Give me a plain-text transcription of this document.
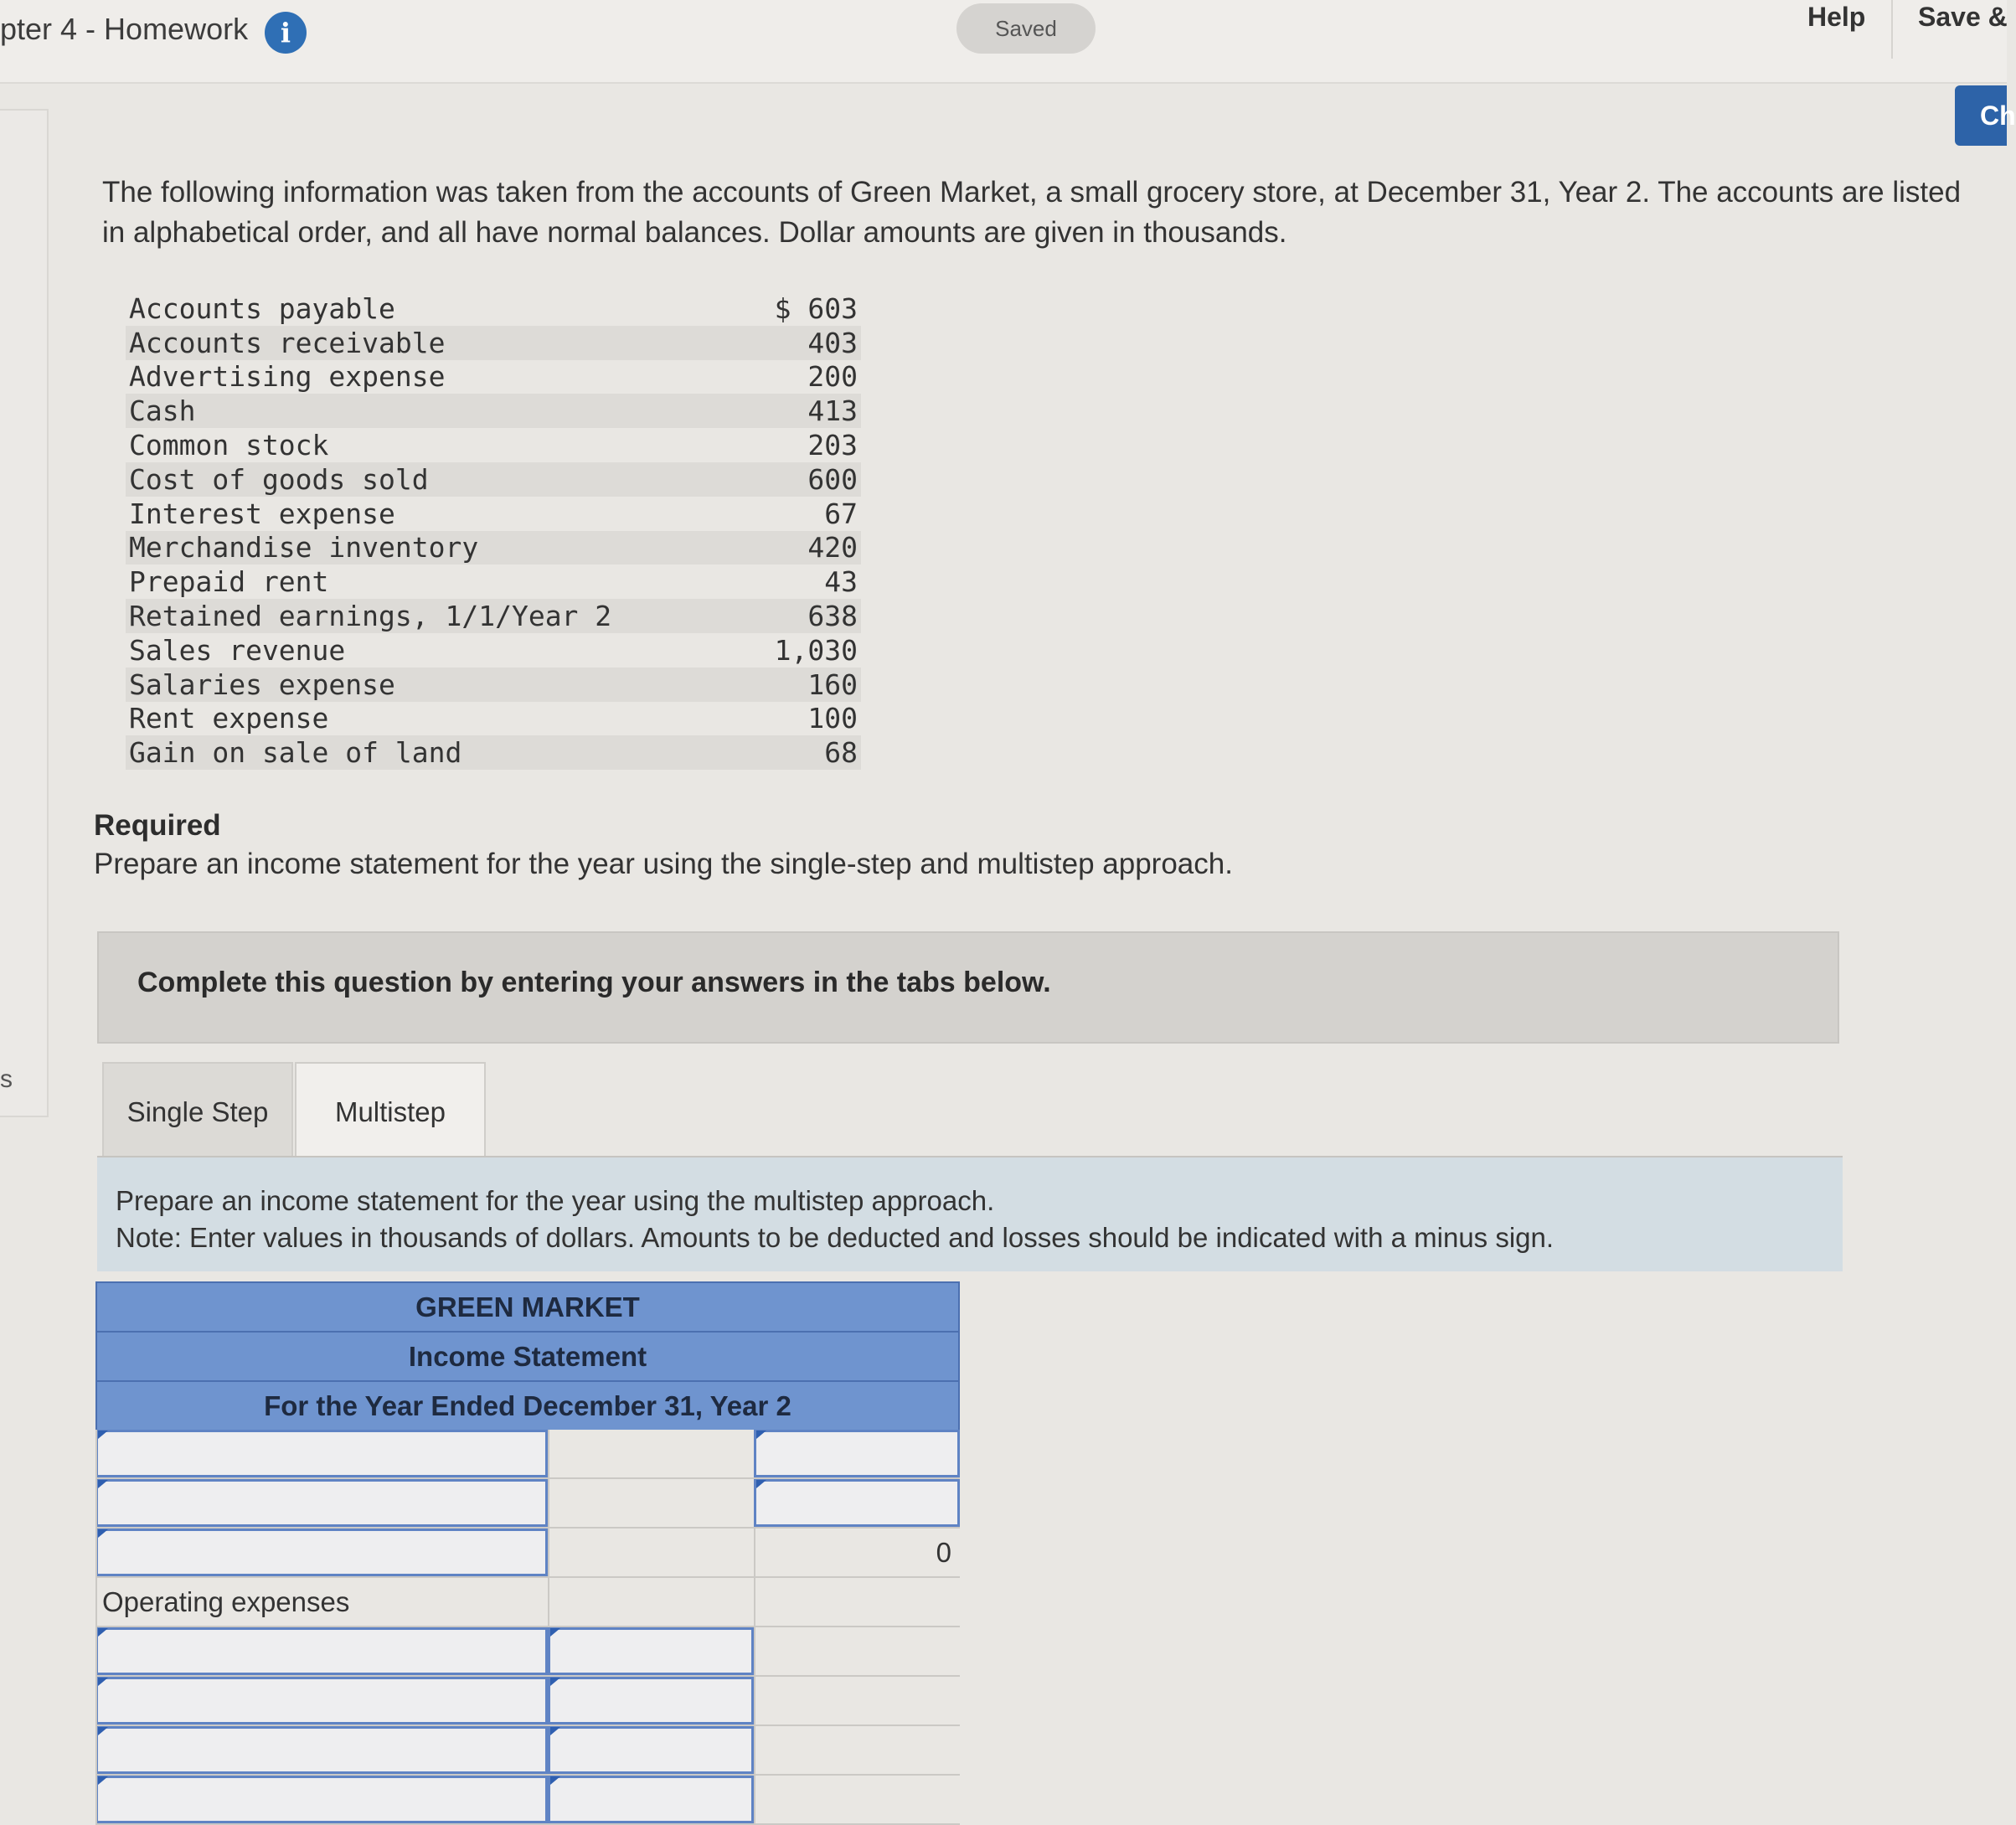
pter 4 - Homework	i	Saved	Help Save &
Ch
s
The following information was taken from the accounts of Green Market, a small grocery store, at December 31, Year 2. The accounts are listed in alphabetical order, and all have normal balances. Dollar amounts are given in thousands.
Accounts payable	$ 603
Accounts receivable	403
Advertising expense	200
Cash	413
Common stock	203
Cost of goods sold	600
Interest expense	67
Merchandise inventory	420
Prepaid rent	43
Retained earnings, 1/1/Year 2	638
Sales revenue	1,030
Salaries expense	160
Rent expense	100
Gain on sale of land	68
Required
Prepare an income statement for the year using the single-step and multistep approach.
Complete this question by entering your answers in the tabs below.
Single Step	Multistep
Prepare an income statement for the year using the multistep approach.
Note: Enter values in thousands of dollars. Amounts to be deducted and losses should be indicated with a minus sign.
GREEN MARKET
Income Statement
For the Year Ended December 31, Year 2
0
Operating expenses
